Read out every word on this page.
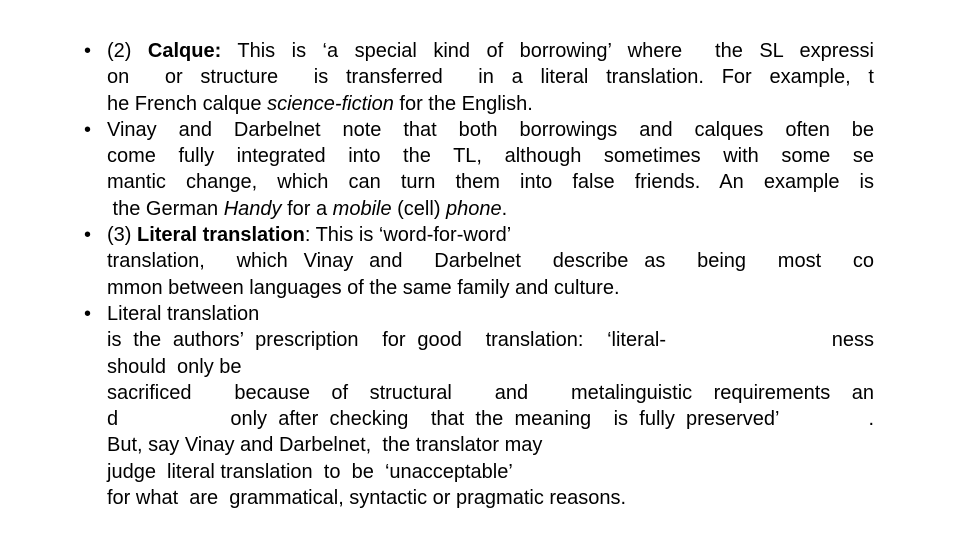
• (2) Calque: This is ‘a special kind of borrowing’ where  the SL expressi
on  or structure  is transferred  in a literal translation. For example, t
he French calque science-fiction for the English.
• Vinay and Darbelnet note that both borrowings and calques often be
come fully integrated into the TL, although sometimes with some se
mantic change, which can turn them into false friends. An example is
the German Handy for a mobile (cell) phone.
• (3) Literal translation: This is ‘word-for-word’
translation,  which Vinay and  Darbelnet  describe as  being  most  co
mmon between languages of the same family and culture.
• Literal translation
is the authors’ prescription  for good  translation:  ‘literal-              ness
should  only be
sacrificed  because of structural  and  metalinguistic requirements an
d          only after checking  that the meaning  is fully preserved’        .
But, say Vinay and Darbelnet,  the translator may
judge  literal translation  to  be  ‘unacceptable’
for what  are  grammatical, syntactic or pragmatic reasons.
